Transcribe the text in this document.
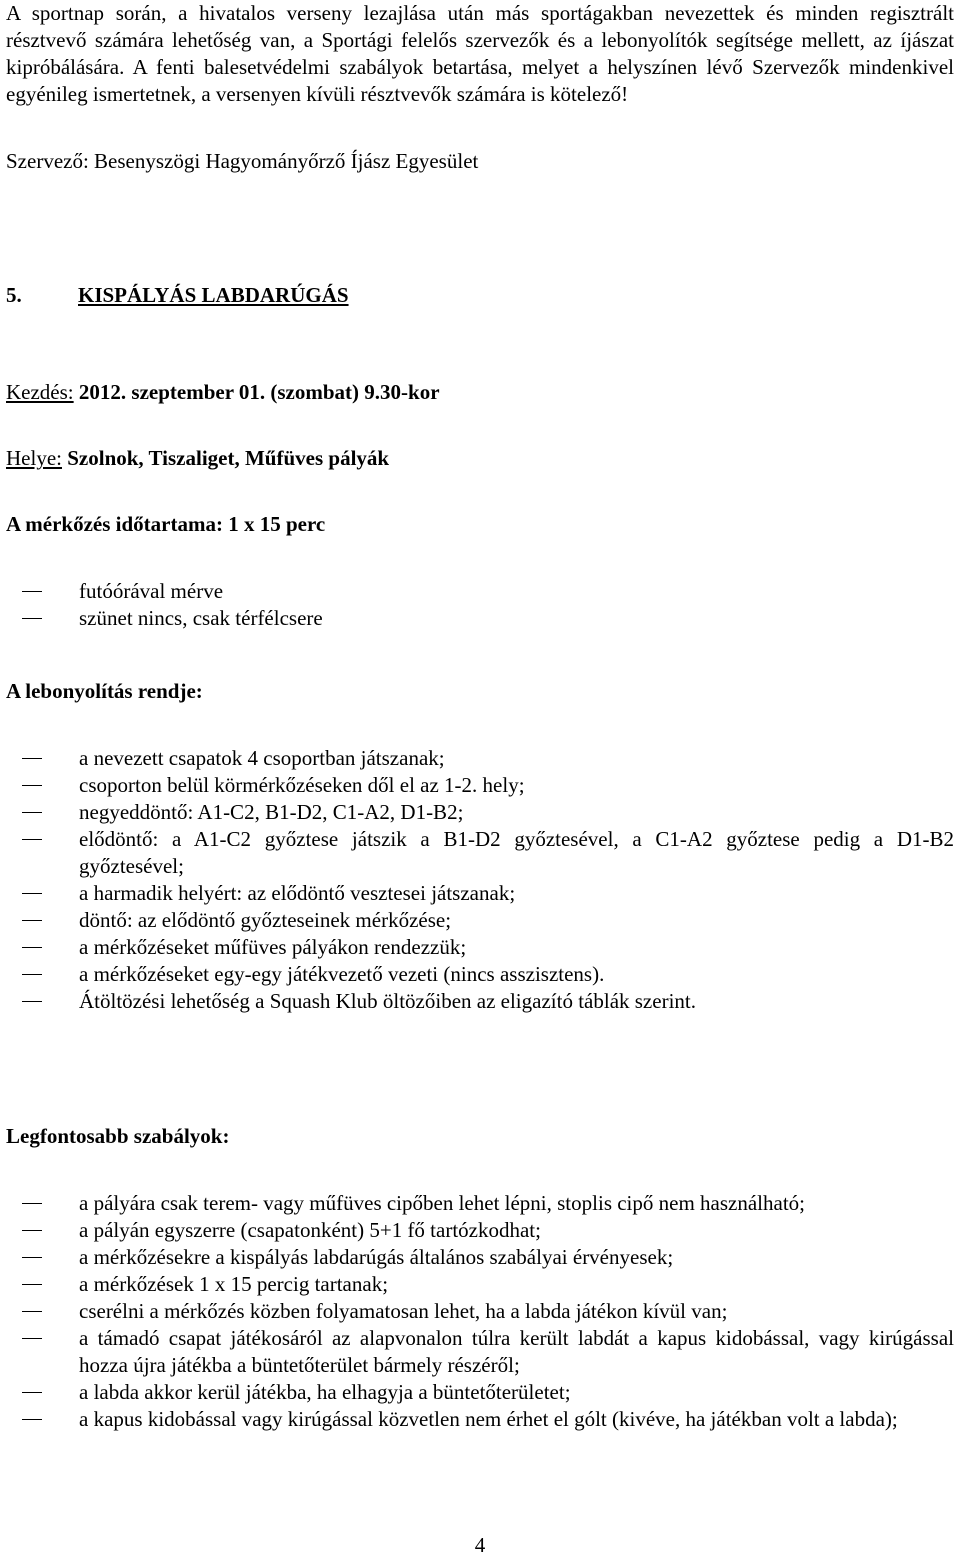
A sportnap során, a hivatalos verseny lezajlása után más sportágakban nevezettek és minden regisztrált résztvevő számára lehetőség van, a Sportági felelős szervezők és a lebonyolítók segítsége mellett, az íjászat kipróbálására. A fenti balesetvédelmi szabályok betartása, melyet a helyszínen lévő Szervezők mindenkivel egyénileg ismertetnek, a versenyen kívüli résztvevők számára is kötelező!

Szervező: Besenyszögi Hagyományőrző Íjász Egyesület

5.	KISPÁLYÁS LABDARÚGÁS

Kezdés: 2012. szeptember 01. (szombat) 9.30-kor

Helye: Szolnok, Tiszaliget, Műfüves pályák

A mérkőzés időtartama: 1 x 15 perc

futóórával mérve
szünet nincs, csak térfélcsere

A lebonyolítás rendje:

a nevezett csapatok 4 csoportban játszanak;
csoporton belül körmérkőzéseken dől el az 1-2. hely;
negyeddöntő: A1-C2, B1-D2, C1-A2, D1-B2;
elődöntő: a A1-C2 győztese játszik a B1-D2 győztesével, a C1-A2 győztese pedig a D1-B2 győztesével;
a harmadik helyért: az elődöntő vesztesei játszanak;
döntő: az elődöntő győzteseinek mérkőzése;
a mérkőzéseket műfüves pályákon rendezzük;
a mérkőzéseket egy-egy játékvezető vezeti (nincs asszisztens).
Átöltözési lehetőség a Squash Klub öltözőiben az eligazító táblák szerint.

Legfontosabb szabályok:

a pályára csak terem- vagy műfüves cipőben lehet lépni, stoplis cipő nem használható;
a pályán egyszerre (csapatonként) 5+1 fő tartózkodhat;
a mérkőzésekre a kispályás labdarúgás általános szabályai érvényesek;
a mérkőzések 1 x 15 percig tartanak;
cserélni a mérkőzés közben folyamatosan lehet, ha a labda játékon kívül van;
a támadó csapat játékosáról az alapvonalon túlra került labdát a kapus kidobással, vagy kirúgással hozza újra játékba a büntetőterület bármely részéről;
a labda akkor kerül játékba, ha elhagyja a büntetőterületet;
a kapus kidobással vagy kirúgással közvetlen nem érhet el gólt (kivéve, ha játékban volt a labda);

4
